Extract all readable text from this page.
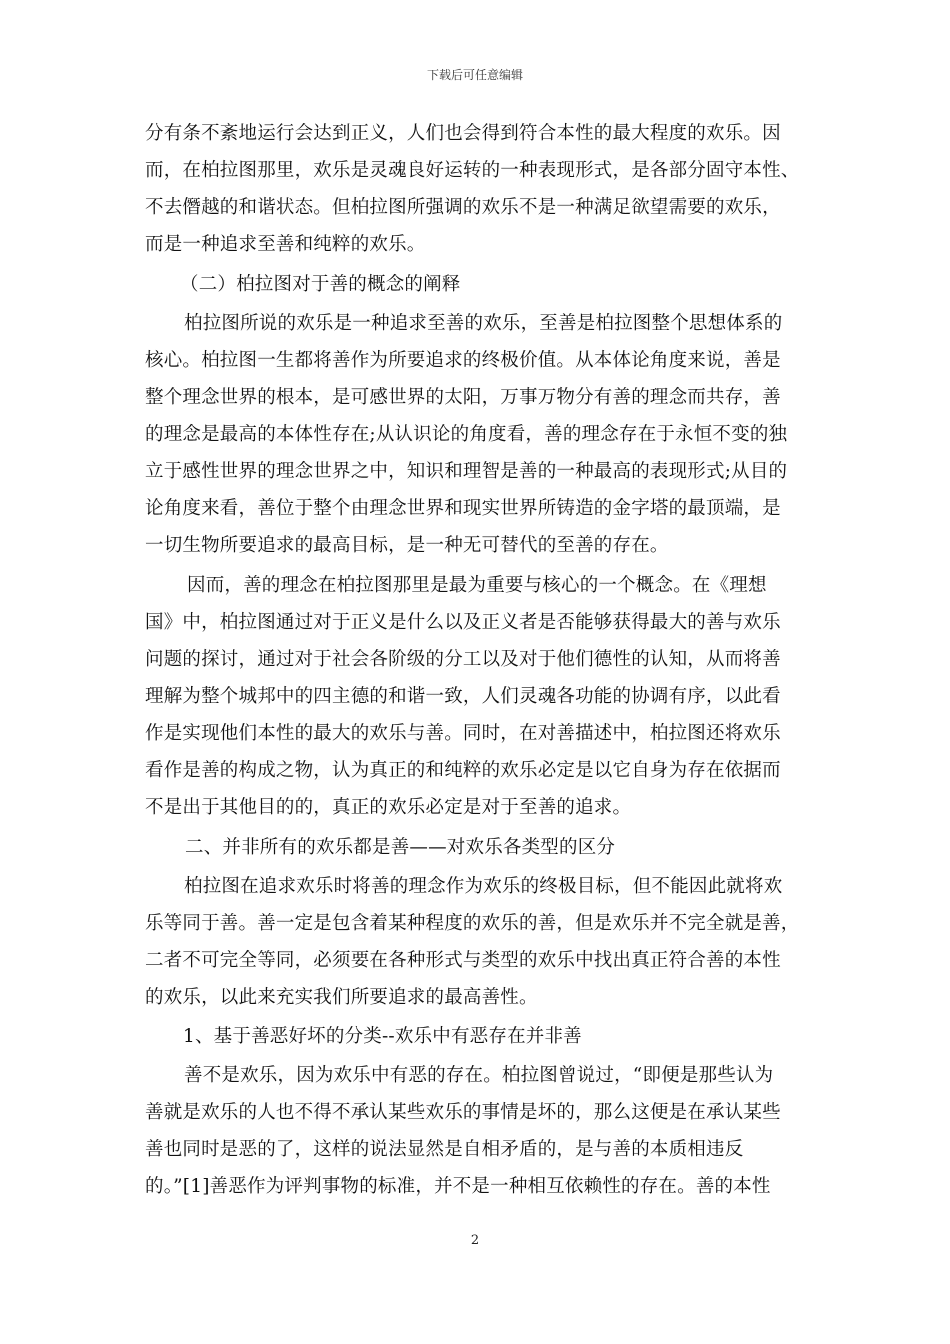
下载后可任意编辑
分有条不紊地运行会达到正义，人们也会得到符合本性的最大程度的欢乐。因
而，在柏拉图那里，欢乐是灵魂良好运转的一种表现形式，是各部分固守本性、
不去僭越的和谐状态。但柏拉图所强调的欢乐不是一种满足欲望需要的欢乐，
而是一种追求至善和纯粹的欢乐。
（二）柏拉图对于善的概念的阐释
柏拉图所说的欢乐是一种追求至善的欢乐，至善是柏拉图整个思想体系的
核心。柏拉图一生都将善作为所要追求的终极价值。从本体论角度来说，善是
整个理念世界的根本，是可感世界的太阳，万事万物分有善的理念而共存，善
的理念是最高的本体性存在;从认识论的角度看，善的理念存在于永恒不变的独
立于感性世界的理念世界之中，知识和理智是善的一种最高的表现形式;从目的
论角度来看，善位于整个由理念世界和现实世界所铸造的金字塔的最顶端，是
一切生物所要追求的最高目标，是一种无可替代的至善的存在。
因而，善的理念在柏拉图那里是最为重要与核心的一个概念。在《理想
国》中，柏拉图通过对于正义是什么以及正义者是否能够获得最大的善与欢乐
问题的探讨，通过对于社会各阶级的分工以及对于他们德性的认知，从而将善
理解为整个城邦中的四主德的和谐一致，人们灵魂各功能的协调有序，以此看
作是实现他们本性的最大的欢乐与善。同时，在对善描述中，柏拉图还将欢乐
看作是善的构成之物，认为真正的和纯粹的欢乐必定是以它自身为存在依据而
不是出于其他目的的，真正的欢乐必定是对于至善的追求。
二、并非所有的欢乐都是善——对欢乐各类型的区分
柏拉图在追求欢乐时将善的理念作为欢乐的终极目标，但不能因此就将欢
乐等同于善。善一定是包含着某种程度的欢乐的善，但是欢乐并不完全就是善，
二者不可完全等同，必须要在各种形式与类型的欢乐中找出真正符合善的本性
的欢乐，以此来充实我们所要追求的最高善性。
1、基于善恶好坏的分类--欢乐中有恶存在并非善
善不是欢乐，因为欢乐中有恶的存在。柏拉图曾说过，“即便是那些认为
善就是欢乐的人也不得不承认某些欢乐的事情是坏的，那么这便是在承认某些
善也同时是恶的了，这样的说法显然是自相矛盾的，是与善的本质相违反
的。”[1]善恶作为评判事物的标准，并不是一种相互依赖性的存在。善的本性
2
